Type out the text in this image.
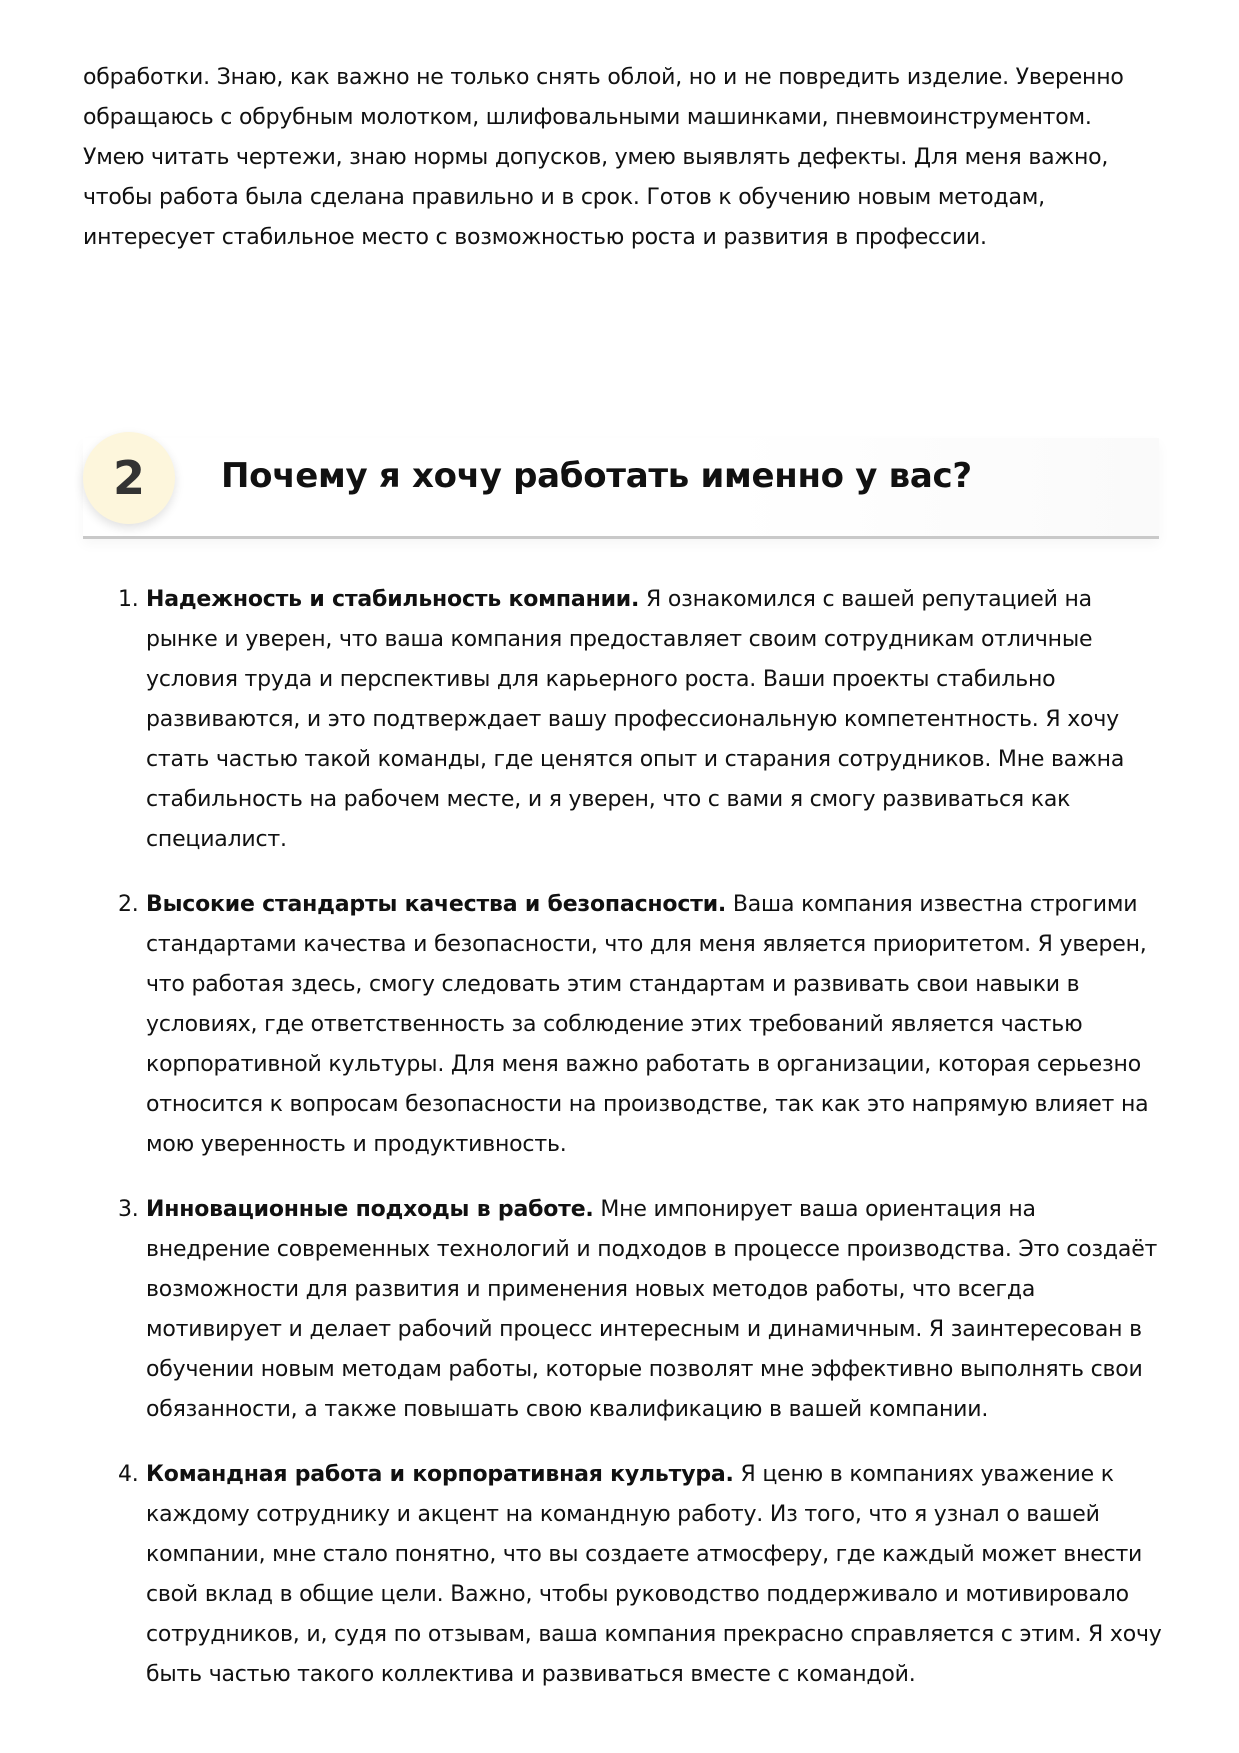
обработки. Знаю, как важно не только снять облой, но и не повредить изделие. Уверенно обращаюсь с обрубным молотком, шлифовальными машинками, пневмоинструментом. Умею читать чертежи, знаю нормы допусков, умею выявлять дефекты. Для меня важно, чтобы работа была сделана правильно и в срок. Готов к обучению новым методам, интересует стабильное место с возможностью роста и развития в профессии.

2	Почему я хочу работать именно у вас?
1. Надежность и стабильность компании. Я ознакомился с вашей репутацией на рынке и уверен, что ваша компания предоставляет своим сотрудникам отличные условия труда и перспективы для карьерного роста. Ваши проекты стабильно развиваются, и это подтверждает вашу профессиональную компетентность. Я хочу стать частью такой команды, где ценятся опыт и старания сотрудников. Мне важна стабильность на рабочем месте, и я уверен, что с вами я смогу развиваться как специалист.
2. Высокие стандарты качества и безопасности. Ваша компания известна строгими стандартами качества и безопасности, что для меня является приоритетом. Я уверен, что работая здесь, смогу следовать этим стандартам и развивать свои навыки в условиях, где ответственность за соблюдение этих требований является частью корпоративной культуры. Для меня важно работать в организации, которая серьезно относится к вопросам безопасности на производстве, так как это напрямую влияет на мою уверенность и продуктивность.
3. Инновационные подходы в работе. Мне импонирует ваша ориентация на внедрение современных технологий и подходов в процессе производства. Это создаёт возможности для развития и применения новых методов работы, что всегда мотивирует и делает рабочий процесс интересным и динамичным. Я заинтересован в обучении новым методам работы, которые позволят мне эффективно выполнять свои обязанности, а также повышать свою квалификацию в вашей компании.
4. Командная работа и корпоративная культура. Я ценю в компаниях уважение к каждому сотруднику и акцент на командную работу. Из того, что я узнал о вашей компании, мне стало понятно, что вы создаете атмосферу, где каждый может внести свой вклад в общие цели. Важно, чтобы руководство поддерживало и мотивировало сотрудников, и, судя по отзывам, ваша компания прекрасно справляется с этим. Я хочу быть частью такого коллектива и развиваться вместе с командой.
